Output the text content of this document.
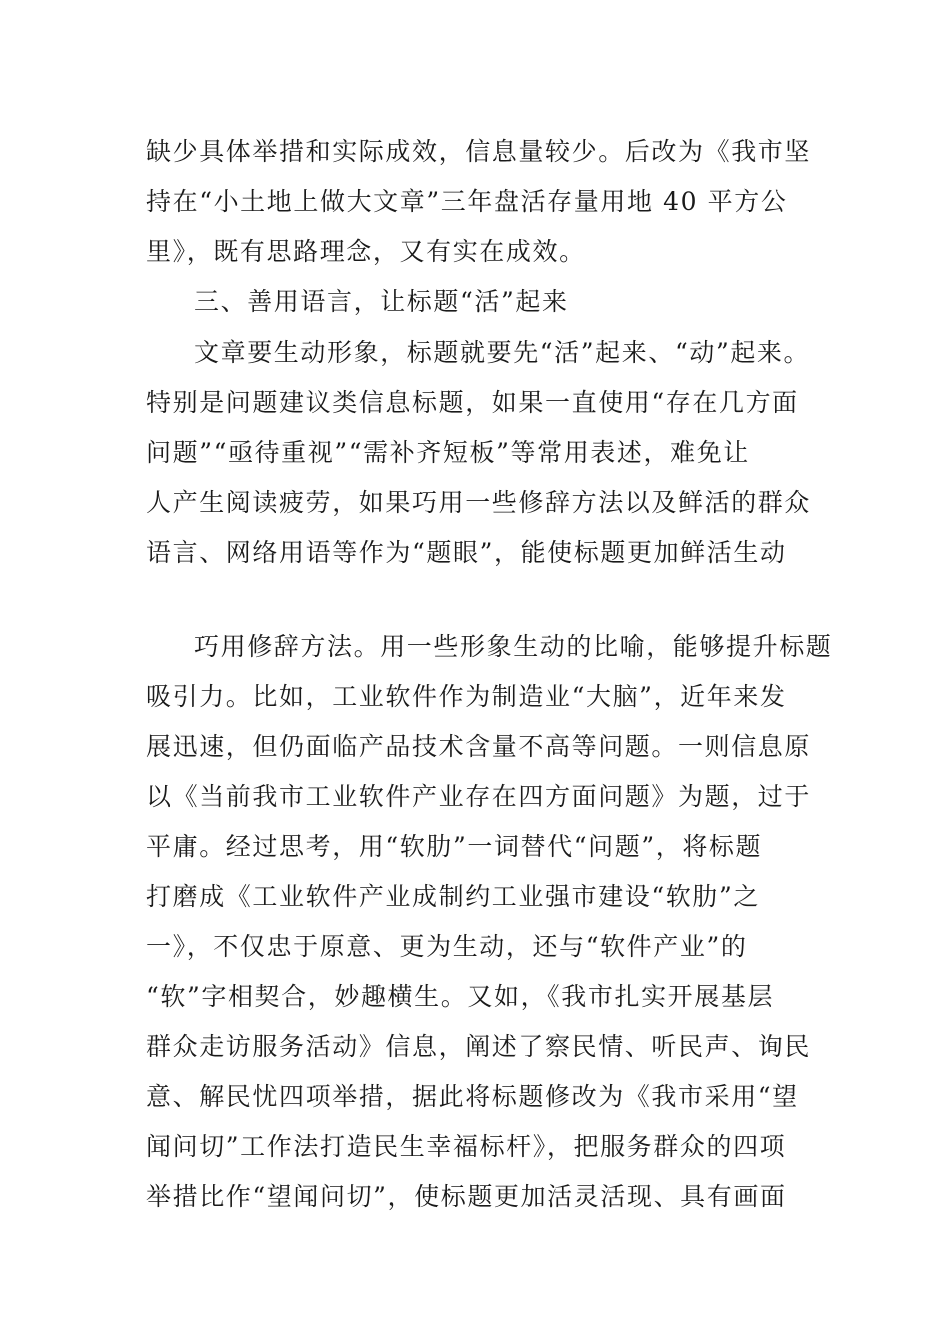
缺少具体举措和实际成效，信息量较少。后改为《我市坚
持在“小土地上做大文章”三年盘活存量用地 40 平方公
里》，既有思路理念，又有实在成效。
三、善用语言，让标题“活”起来
文章要生动形象，标题就要先“活”起来、“动”起来。
特别是问题建议类信息标题，如果一直使用“存在几方面
问题”“亟待重视”“需补齐短板”等常用表述，难免让
人产生阅读疲劳，如果巧用一些修辞方法以及鲜活的群众
语言、网络用语等作为“题眼”，能使标题更加鲜活生动
巧用修辞方法。用一些形象生动的比喻，能够提升标题
吸引力。比如，工业软件作为制造业“大脑”，近年来发
展迅速，但仍面临产品技术含量不高等问题。一则信息原
以《当前我市工业软件产业存在四方面问题》为题，过于
平庸。经过思考，用“软肋”一词替代“问题”，将标题
打磨成《工业软件产业成制约工业强市建设“软肋”之
一》，不仅忠于原意、更为生动，还与“软件产业”的
“软”字相契合，妙趣横生。又如，《我市扎实开展基层
群众走访服务活动》信息，阐述了察民情、听民声、询民
意、解民忧四项举措，据此将标题修改为《我市采用“望
闻问切”工作法打造民生幸福标杆》，把服务群众的四项
举措比作“望闻问切”，使标题更加活灵活现、具有画面
